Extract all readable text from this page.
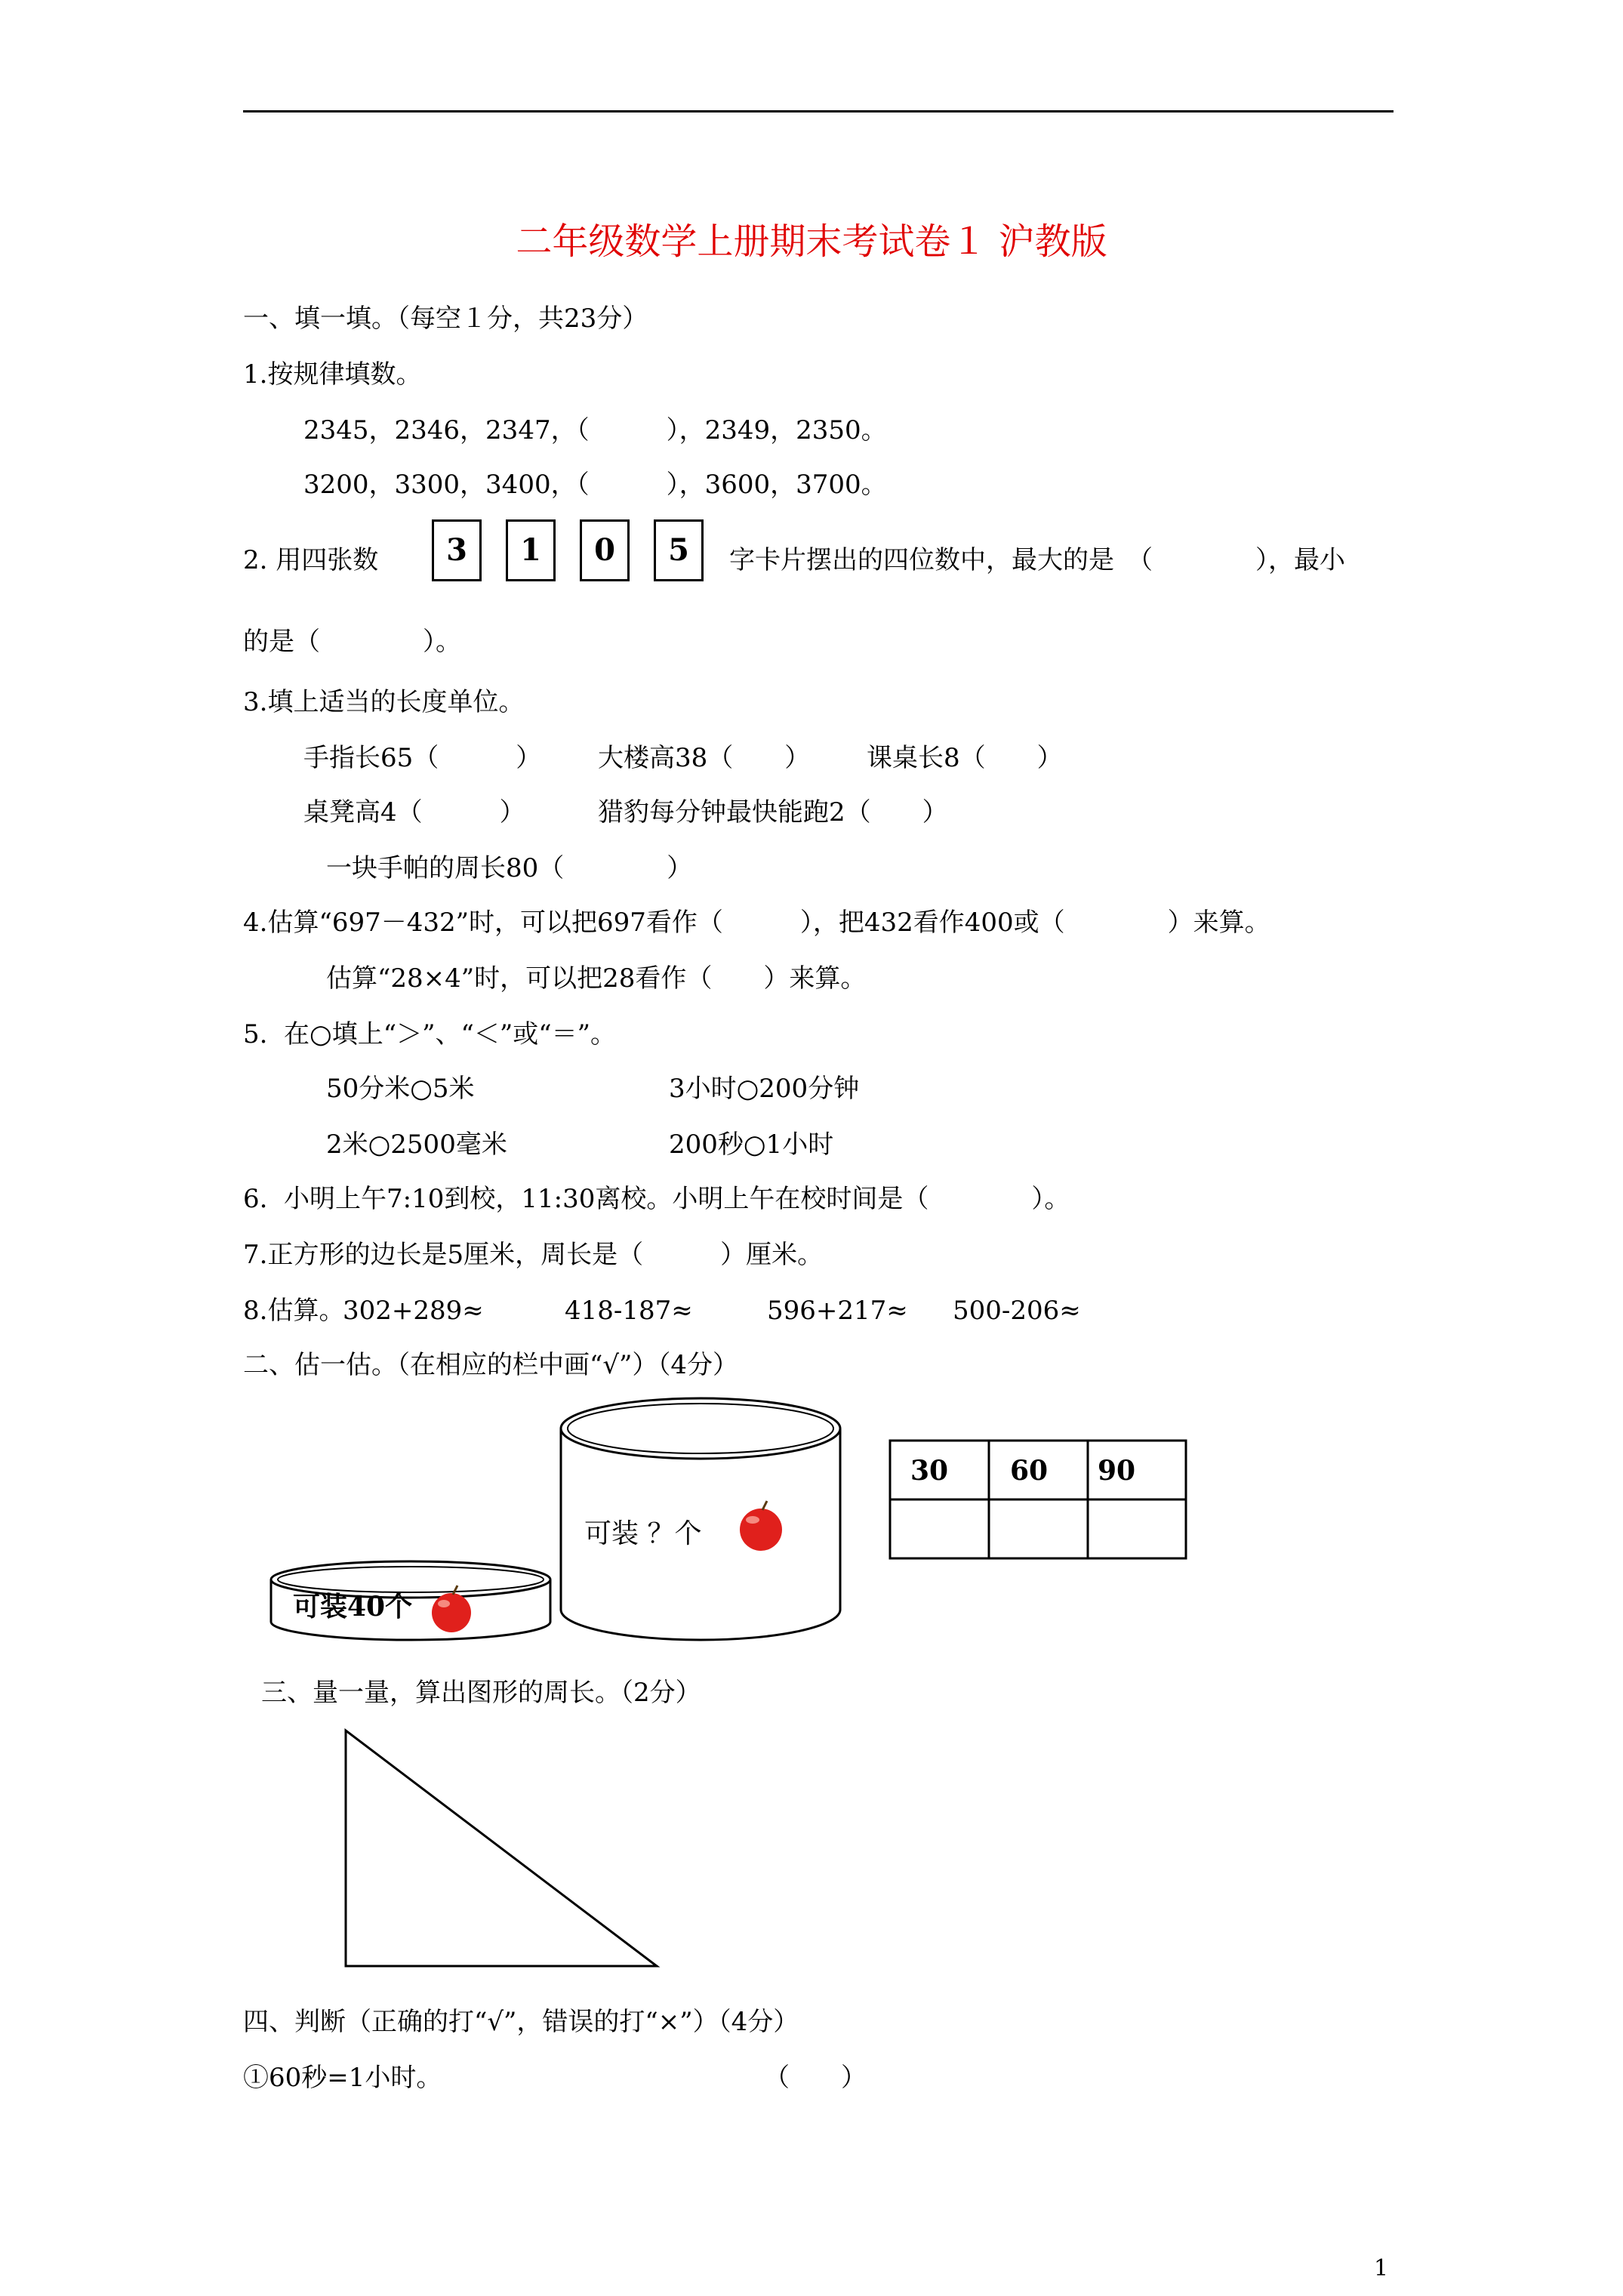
二年级数学上册期末考试卷１ 沪教版
一、填一填。（每空１分，共23分）
1.按规律填数。
2345，2346，2347，（　　　），2349，2350。
3200，3300，3400，（　　　），3600，3700。
2. 用四张数	3	1	0	5	字卡片摆出的四位数中，最大的是　（　　　　），最小
的是（　　　　）。
3.填上适当的长度单位。
手指长65（　　　） 大楼高38（　　） 课桌长8（　　）
桌凳高4（　　　）	猎豹每分钟最快能跑2（　　）
一块手帕的周长80（　　　　）
4.估算“697－432”时，可以把697看作（　　　），把432看作400或（　　　　）来算。
估算“28×4”时，可以把28看作（　　）来算。
5.  在○填上“＞”、“＜”或“＝”。
50分米○5米	3小时○200分钟
2米○2500毫米	200秒○1小时
6.  小明上午7:10到校，11:30离校。小明上午在校时间是（　　　　）。
7.正方形的边长是5厘米，周长是（　　　）厘米。
8.估算。
302+289≈	418-187≈	596+217≈ 500-206≈
二、估一估。（在相应的栏中画“√”）（4分）
可装40个
可装 ？个
30 60 90
三、量一量，算出图形的周长。（2分）
四、判断（正确的打“√”，错误的打“×”）（4分）
①60秒=1小时。	（　　）
1
